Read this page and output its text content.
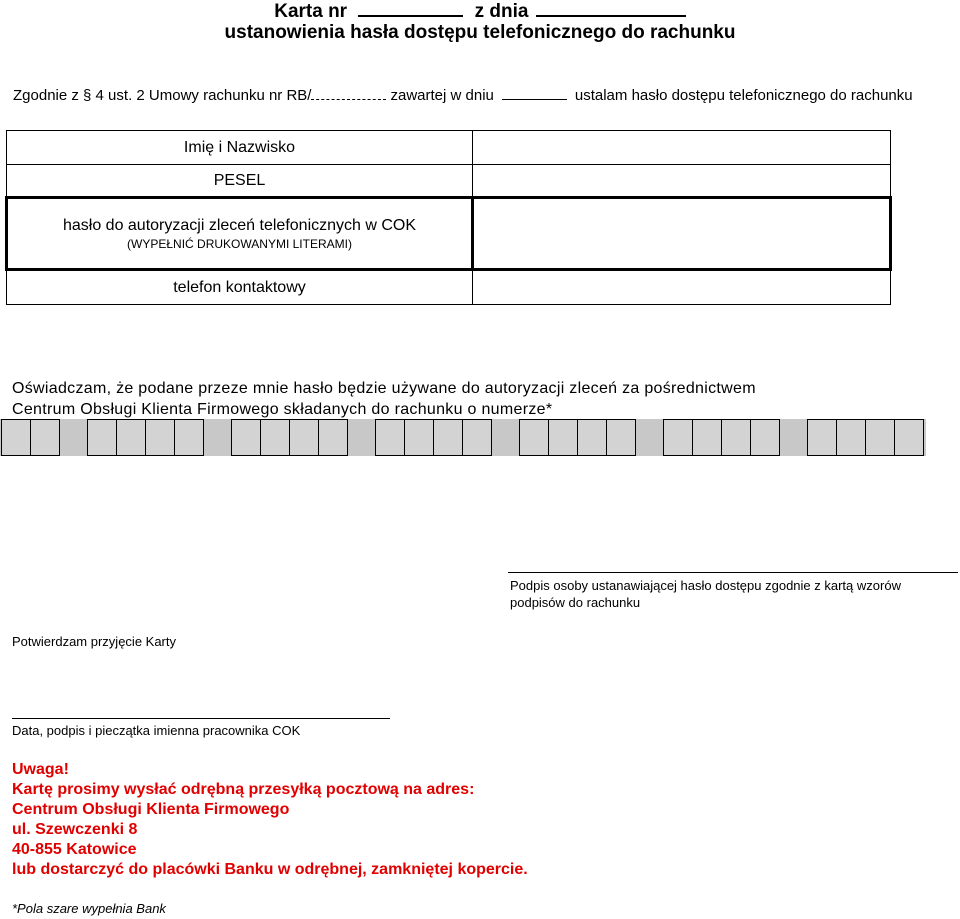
Karta nr	z dnia
ustanowienia hasła dostępu telefonicznego do rachunku
Zgodnie z § 4 ust. 2 Umowy rachunku nr RB/	zawartej w dniu	ustalam hasło dostępu telefonicznego do rachunku
Imię i Nazwisko	
PESEL	
hasło do autoryzacji zleceń telefonicznych w COK
(WYPEŁNIĆ DRUKOWANYMI LITERAMI)	

telefon kontaktowy	
Oświadczam, że podane przeze mnie hasło będzie używane do autoryzacji zleceń za pośrednictwem
Centrum Obsługi Klienta Firmowego składanych do rachunku o numerze*
Podpis osoby ustanawiającej hasło dostępu zgodnie z kartą wzorów
podpisów do rachunku
Potwierdzam przyjęcie Karty
Data, podpis i pieczątka imienna pracownika COK
Uwaga!
Kartę prosimy wysłać odrębną przesyłką pocztową na adres:
Centrum Obsługi Klienta Firmowego
ul. Szewczenki 8
40-855 Katowice
lub dostarczyć do placówki Banku w odrębnej, zamkniętej kopercie.
*Pola szare wypełnia Bank
